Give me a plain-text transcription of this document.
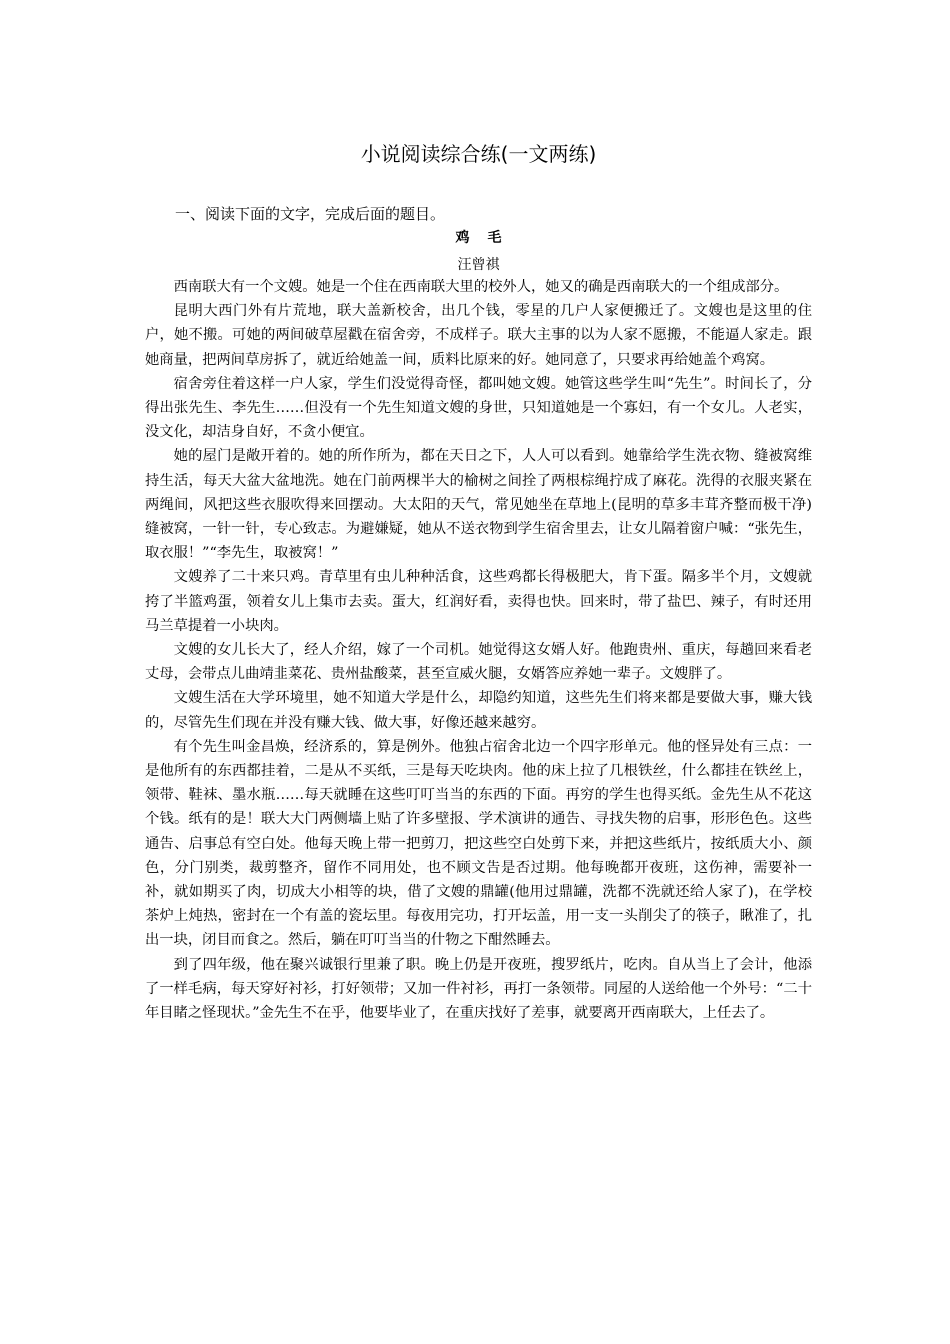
小说阅读综合练(一文两练)
一、阅读下面的文字，完成后面的题目。
鸡毛
汪曾祺

西南联大有一个文嫂。她是一个住在西南联大里的校外人，她又的确是西南联大的一个组成部分。

昆明大西门外有片荒地，联大盖新校舍，出几个钱，零星的几户人家便搬迁了。文嫂也是这里的住户，她不搬。可她的两间破草屋戳在宿舍旁，不成样子。联大主事的以为人家不愿搬，不能逼人家走。跟她商量，把两间草房拆了，就近给她盖一间，质料比原来的好。她同意了，只要求再给她盖个鸡窝。

宿舍旁住着这样一户人家，学生们没觉得奇怪，都叫她文嫂。她管这些学生叫“先生”。时间长了，分得出张先生、李先生……但没有一个先生知道文嫂的身世，只知道她是一个寡妇，有一个女儿。人老实，没文化，却洁身自好，不贪小便宜。

她的屋门是敞开着的。她的所作所为，都在天日之下，人人可以看到。她靠给学生洗衣物、缝被窝维持生活，每天大盆大盆地洗。她在门前两棵半大的榆树之间拴了两根棕绳拧成了麻花。洗得的衣服夹紧在两绳间，风把这些衣服吹得来回摆动。大太阳的天气，常见她坐在草地上(昆明的草多丰茸齐整而极干净)缝被窝，一针一针，专心致志。为避嫌疑，她从不送衣物到学生宿舍里去，让女儿隔着窗户喊：“张先生，取衣服！”“李先生，取被窝！”

文嫂养了二十来只鸡。青草里有虫儿种种活食，这些鸡都长得极肥大，肯下蛋。隔多半个月，文嫂就挎了半篮鸡蛋，领着女儿上集市去卖。蛋大，红润好看，卖得也快。回来时，带了盐巴、辣子，有时还用马兰草提着一小块肉。

文嫂的女儿长大了，经人介绍，嫁了一个司机。她觉得这女婿人好。他跑贵州、重庆，每趟回来看老丈母，会带点儿曲靖韭菜花、贵州盐酸菜，甚至宣威火腿，女婿答应养她一辈子。文嫂胖了。

文嫂生活在大学环境里，她不知道大学是什么，却隐约知道，这些先生们将来都是要做大事，赚大钱的，尽管先生们现在并没有赚大钱、做大事，好像还越来越穷。

有个先生叫金昌焕，经济系的，算是例外。他独占宿舍北边一个四字形单元。他的怪异处有三点：一是他所有的东西都挂着，二是从不买纸，三是每天吃块肉。他的床上拉了几根铁丝，什么都挂在铁丝上，领带、鞋袜、墨水瓶……每天就睡在这些叮叮当当的东西的下面。再穷的学生也得买纸。金先生从不花这个钱。纸有的是！联大大门两侧墙上贴了许多壁报、学术演讲的通告、寻找失物的启事，形形色色。这些通告、启事总有空白处。他每天晚上带一把剪刀，把这些空白处剪下来，并把这些纸片，按纸质大小、颜色，分门别类，裁剪整齐，留作不同用处，也不顾文告是否过期。他每晚都开夜班，这伤神，需要补一补，就如期买了肉，切成大小相等的块，借了文嫂的鼎罐(他用过鼎罐，洗都不洗就还给人家了)，在学校茶炉上炖热，密封在一个有盖的瓷坛里。每夜用完功，打开坛盖，用一支一头削尖了的筷子，瞅准了，扎出一块，闭目而食之。然后，躺在叮叮当当的什物之下酣然睡去。

到了四年级，他在聚兴诚银行里兼了职。晚上仍是开夜班，搜罗纸片，吃肉。自从当上了会计，他添了一样毛病，每天穿好衬衫，打好领带；又加一件衬衫，再打一条领带。同屋的人送给他一个外号：“二十年目睹之怪现状。”金先生不在乎，他要毕业了，在重庆找好了差事，就要离开西南联大，上任去了。
